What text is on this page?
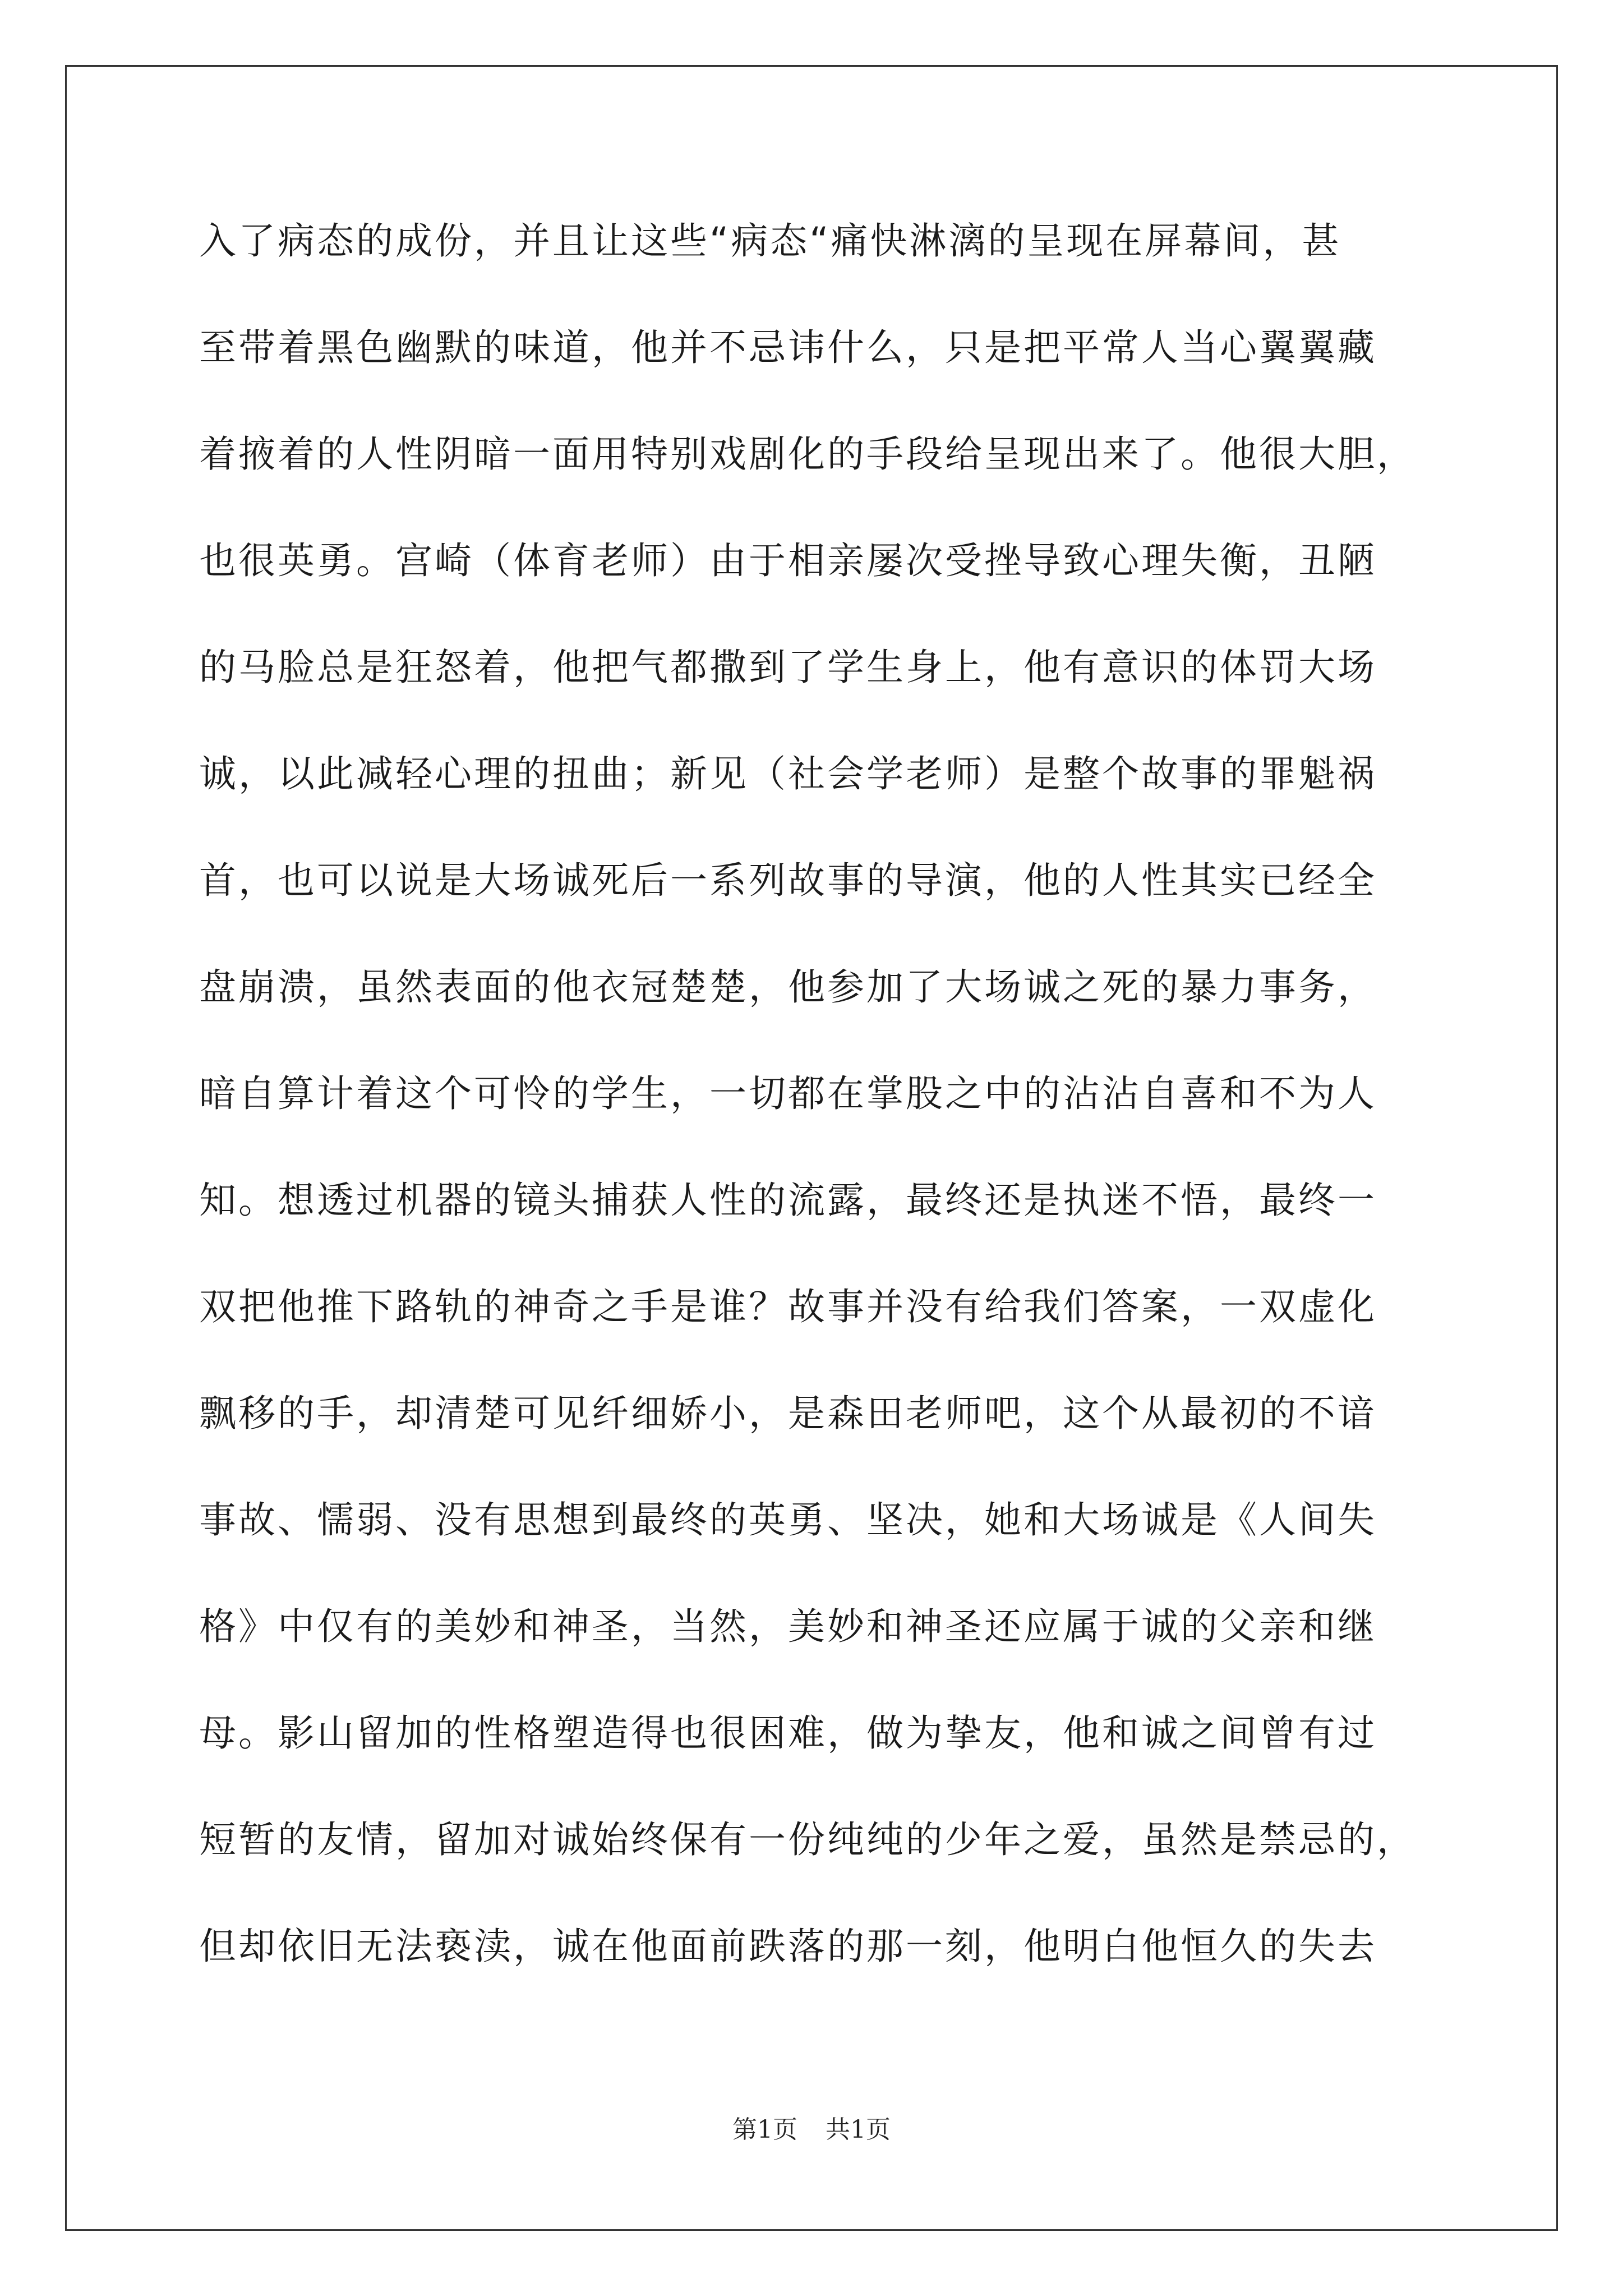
入了病态的成份，并且让这些“病态“痛快淋漓的呈现在屏幕间，甚
至带着黑色幽默的味道，他并不忌讳什么，只是把平常人当心翼翼藏
着掖着的人性阴暗一面用特别戏剧化的手段给呈现出来了。他很大胆，
也很英勇。宫崎（体育老师）由于相亲屡次受挫导致心理失衡，丑陋
的马脸总是狂怒着，他把气都撒到了学生身上，他有意识的体罚大场
诚，以此减轻心理的扭曲；新见（社会学老师）是整个故事的罪魁祸
首，也可以说是大场诚死后一系列故事的导演，他的人性其实已经全
盘崩溃，虽然表面的他衣冠楚楚，他参加了大场诚之死的暴力事务，
暗自算计着这个可怜的学生，一切都在掌股之中的沾沾自喜和不为人
知。想透过机器的镜头捕获人性的流露，最终还是执迷不悟，最终一
双把他推下路轨的神奇之手是谁？故事并没有给我们答案，一双虚化
飘移的手，却清楚可见纤细娇小，是森田老师吧，这个从最初的不谙
事故、懦弱、没有思想到最终的英勇、坚决，她和大场诚是《人间失
格》中仅有的美妙和神圣，当然，美妙和神圣还应属于诚的父亲和继
母。影山留加的性格塑造得也很困难，做为挚友，他和诚之间曾有过
短暂的友情，留加对诚始终保有一份纯纯的少年之爱，虽然是禁忌的，
但却依旧无法亵渎，诚在他面前跌落的那一刻，他明白他恒久的失去
第1页 共1页
